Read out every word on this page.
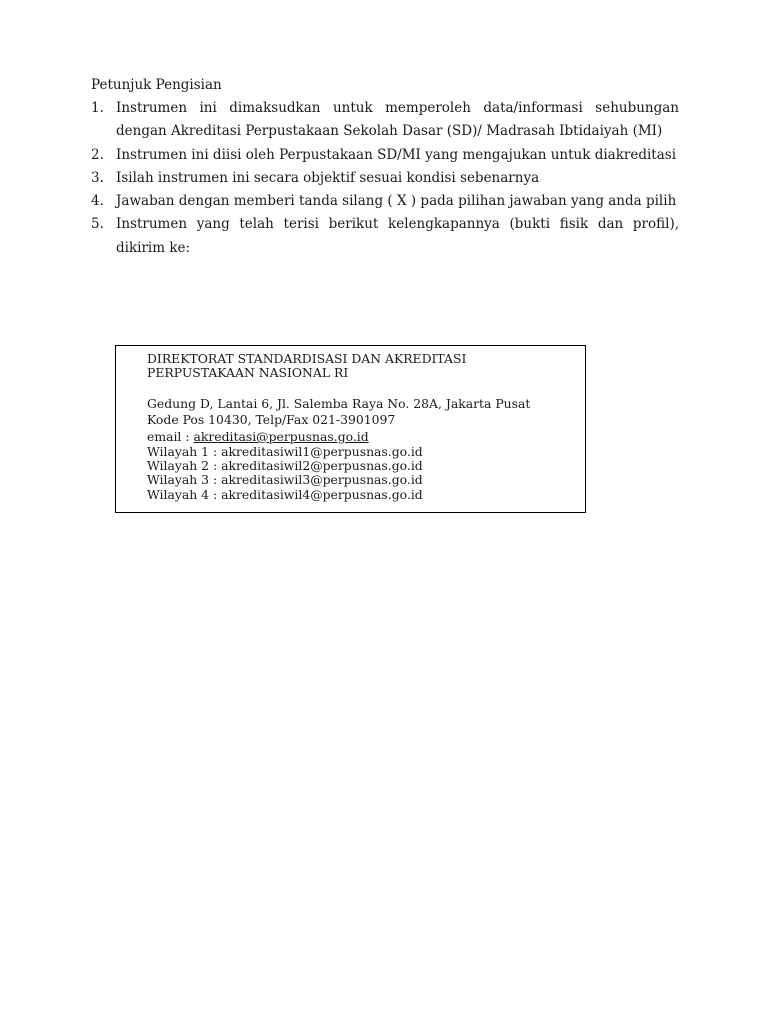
Petunjuk Pengisian
1. Instrumen ini dimaksudkan untuk memperoleh data/informasi sehubungan dengan Akreditasi Perpustakaan Sekolah Dasar (SD)/ Madrasah Ibtidaiyah (MI)
2. Instrumen ini diisi oleh Perpustakaan SD/MI yang mengajukan untuk diakreditasi
3. Isilah instrumen ini secara objektif sesuai kondisi sebenarnya
4. Jawaban dengan memberi tanda silang ( X ) pada pilihan jawaban yang anda pilih
5. Instrumen yang telah terisi berikut kelengkapannya (bukti fisik dan profil), dikirim ke:
DIREKTORAT STANDARDISASI DAN AKREDITASI
PERPUSTAKAAN NASIONAL RI
Gedung D, Lantai 6, Jl. Salemba Raya No. 28A, Jakarta Pusat
Kode Pos 10430, Telp/Fax 021-3901097
email : akreditasi@perpusnas.go.id
Wilayah 1 : akreditasiwil1@perpusnas.go.id
Wilayah 2 : akreditasiwil2@perpusnas.go.id
Wilayah 3 : akreditasiwil3@perpusnas.go.id
Wilayah 4 : akreditasiwil4@perpusnas.go.id
